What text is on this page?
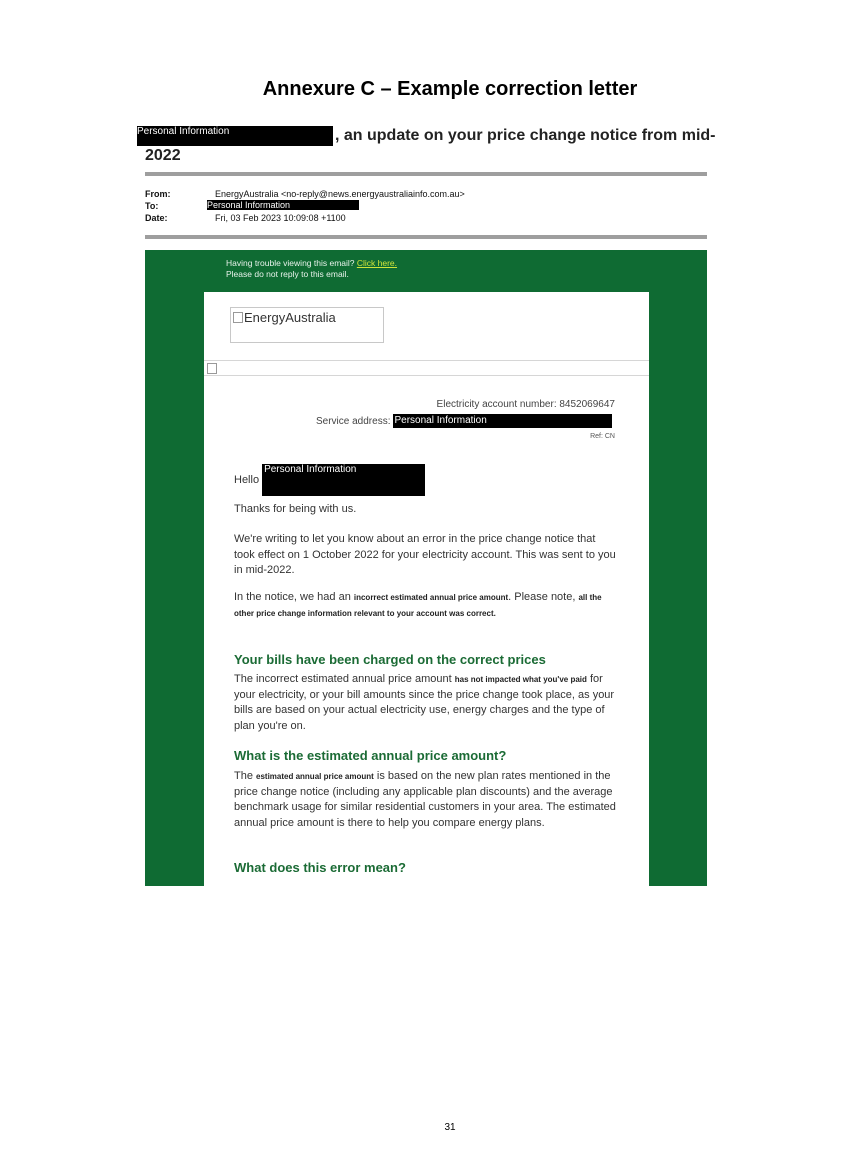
Annexure C – Example correction letter
Personal Information	, an update on your price change notice from mid-
2022
From:	EnergyAustralia <no-reply@news.energyaustraliainfo.com.au>
To:	Personal Information
Date:	Fri, 03 Feb 2023 10:09:08 +1100
Having trouble viewing this email? Click here.
Please do not reply to this email.
EnergyAustralia
Electricity account number: 8452069647
Service address: Personal Information
Ref: CN
Hello
Personal Information
Thanks for being with us.
We're writing to let you know about an error in the price change notice that took effect on 1 October 2022 for your electricity account. This was sent to you in mid-2022.
In the notice, we had an incorrect estimated annual price amount. Please note, all the other price change information relevant to your account was correct.
Your bills have been charged on the correct prices
The incorrect estimated annual price amount has not impacted what you've paid for your electricity, or your bill amounts since the price change took place, as your bills are based on your actual electricity use, energy charges and the type of plan you're on.
What is the estimated annual price amount?
The estimated annual price amount is based on the new plan rates mentioned in the price change notice (including any applicable plan discounts) and the average benchmark usage for similar residential customers in your area. The estimated annual price amount is there to help you compare energy plans.
What does this error mean?
31
